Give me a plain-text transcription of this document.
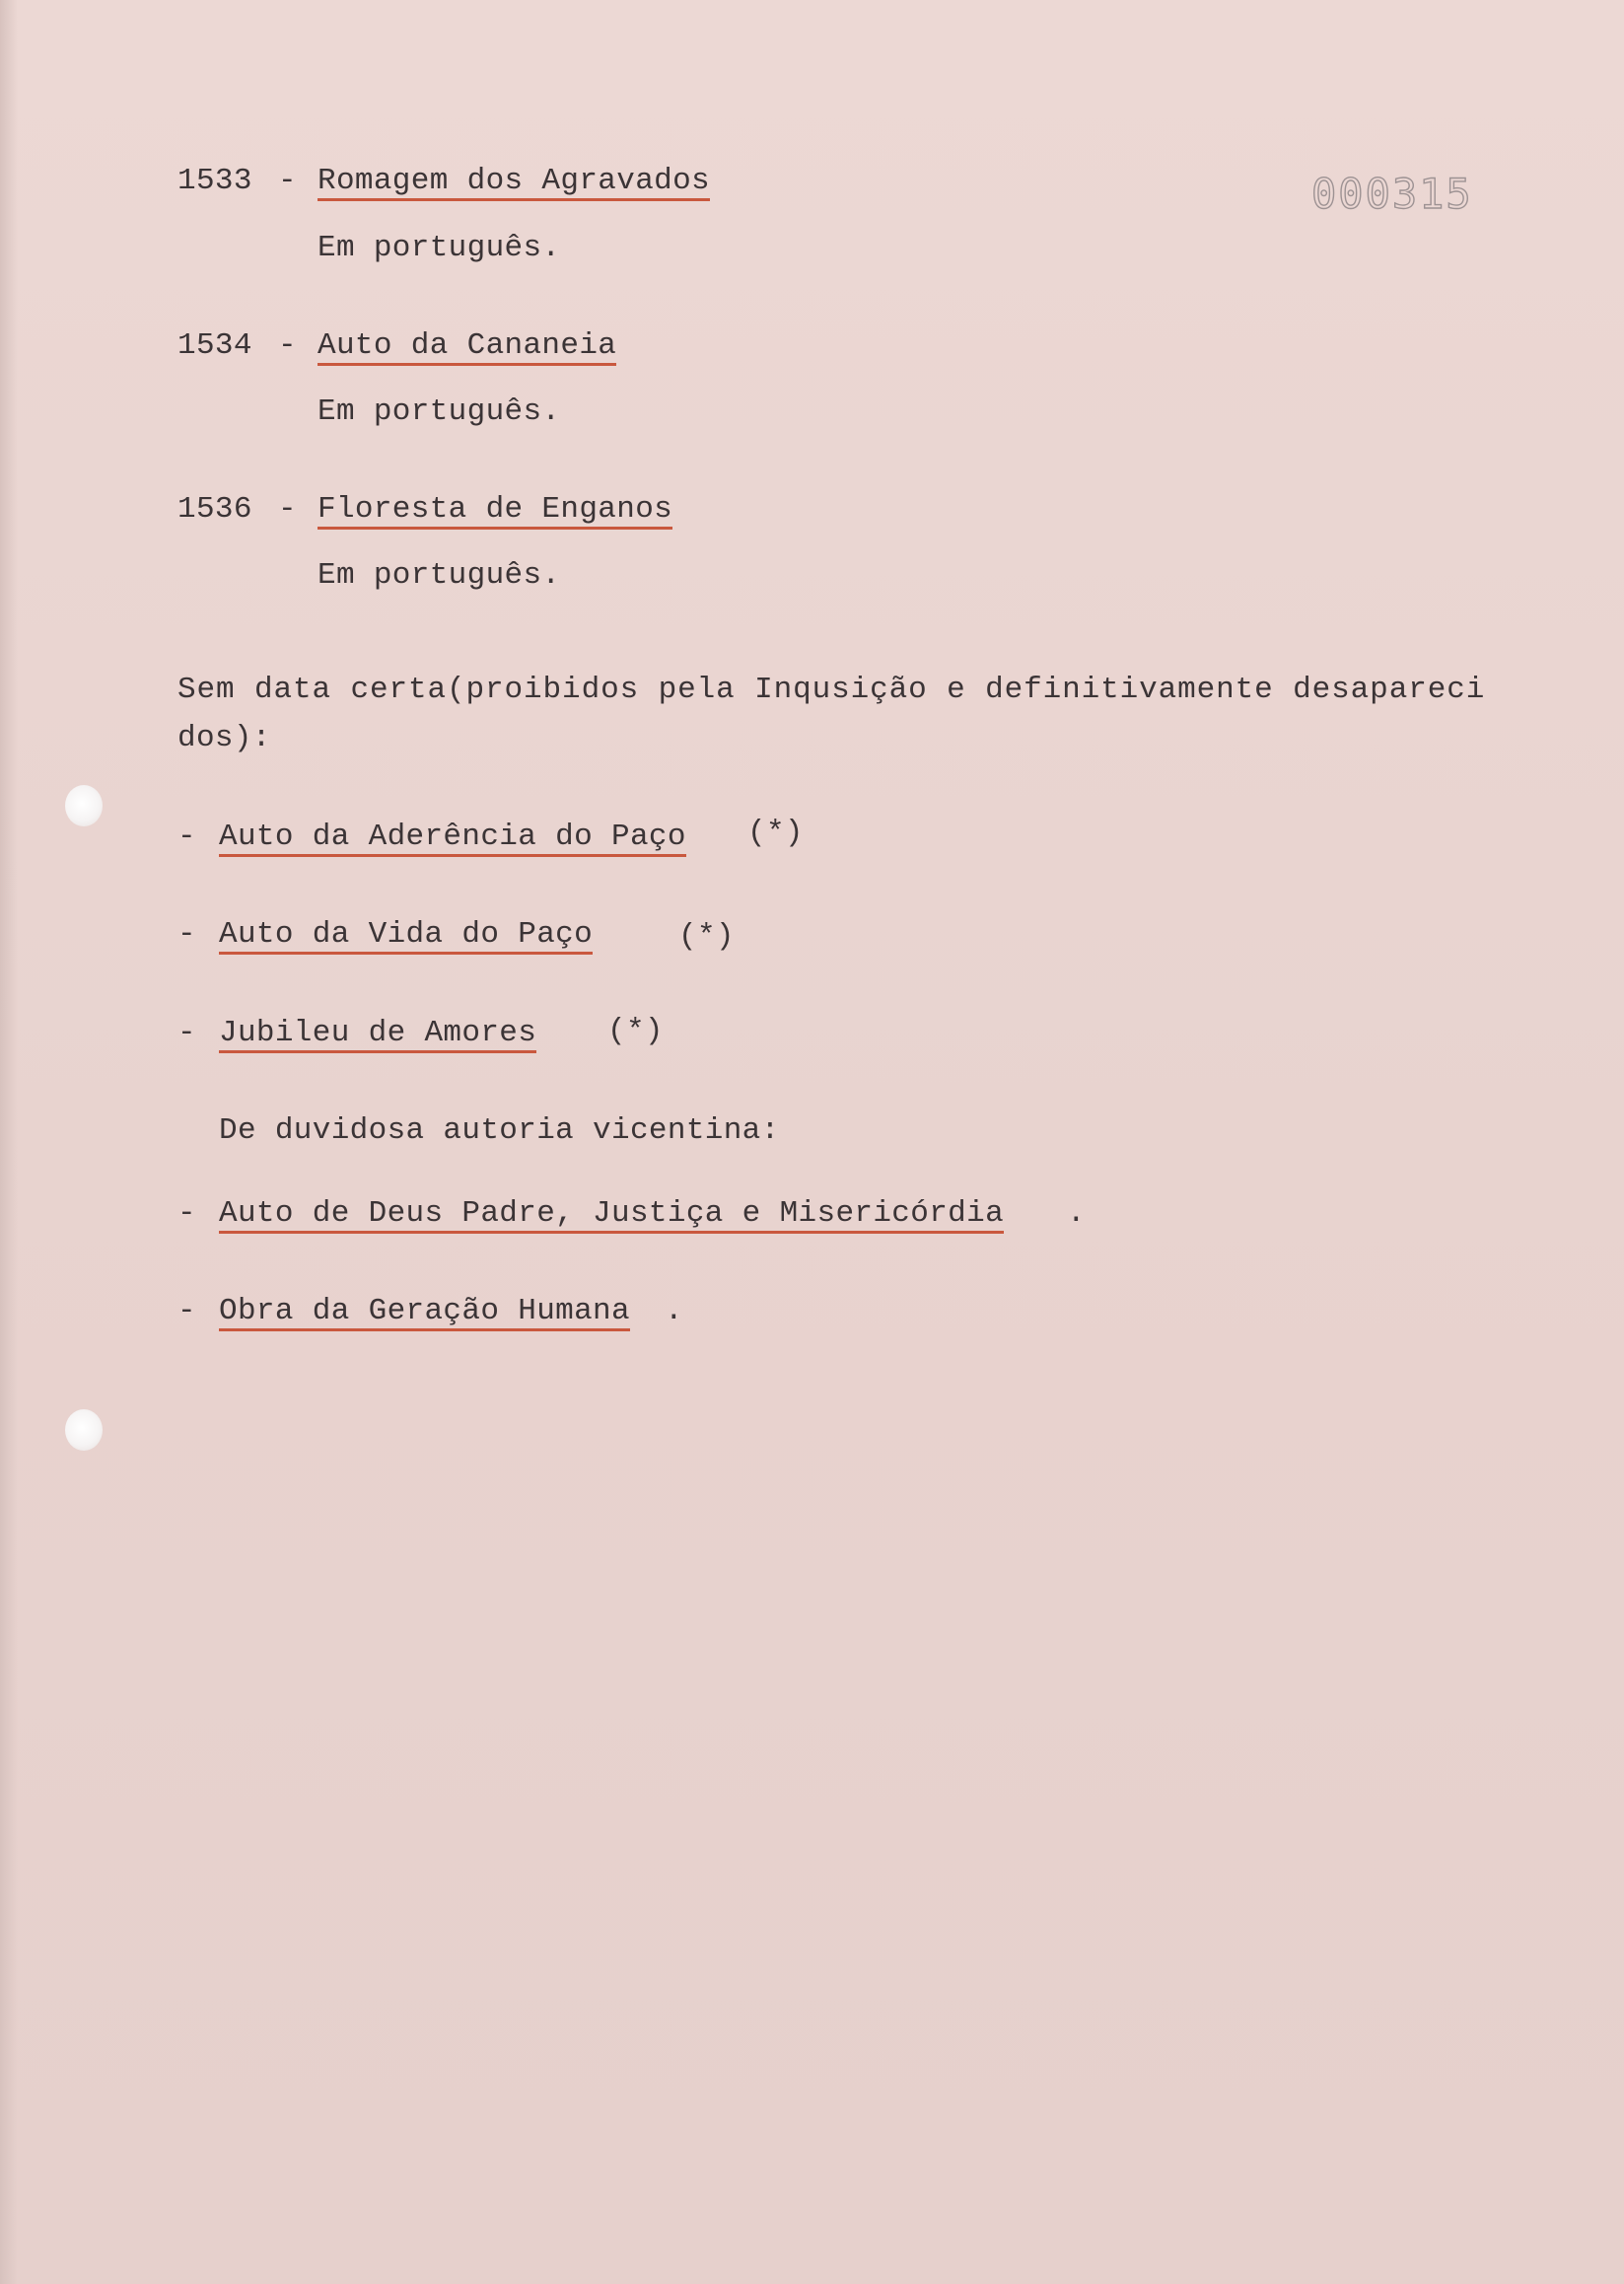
000315
1533 - Romagem dos Agravados
Em português.
1534 - Auto da Cananeia
Em português.
1536 - Floresta de Enganos
Em português.
Sem data certa(proibidos pela Inqusição e definitivamente desapareci
dos):
- Auto da Aderência do Paço (*)
- Auto da Vida do Paço	(*)
- Jubileu de Amores (*)
De duvidosa autoria vicentina:
- Auto de Deus Padre, Justiça e Misericórdia .
- Obra da Geração Humana .
